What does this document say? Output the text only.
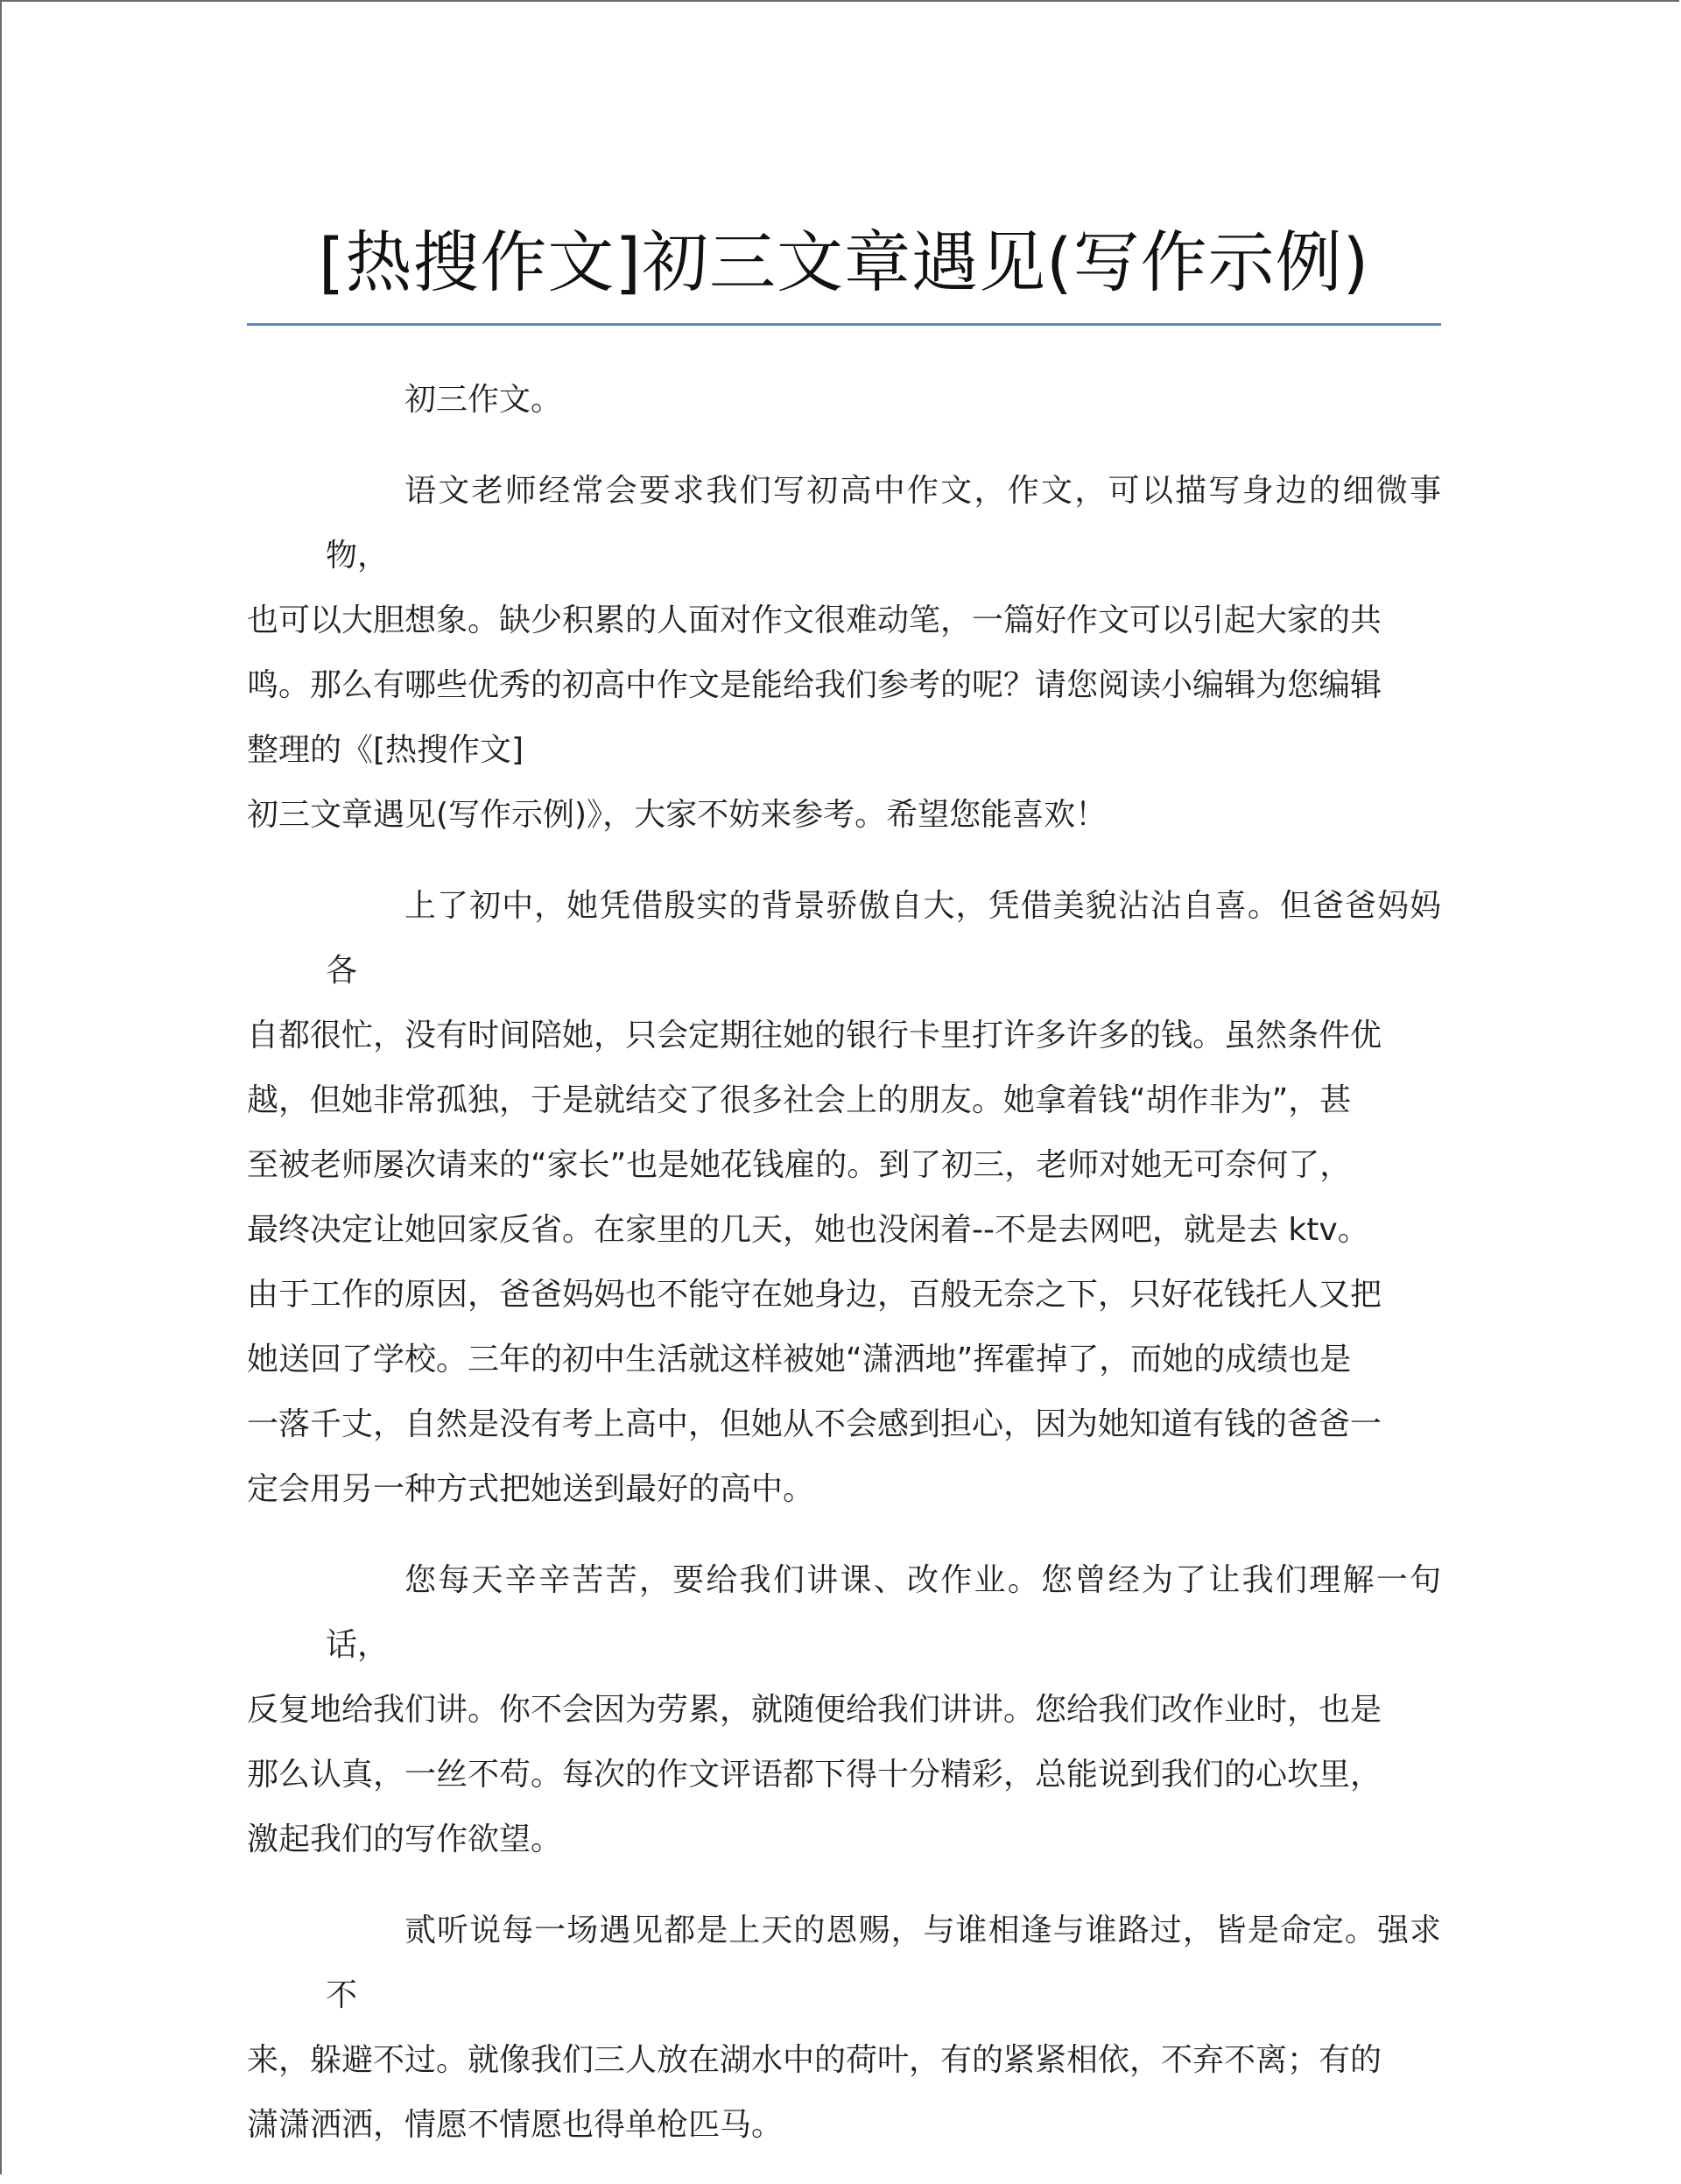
[热搜作文]初三文章遇见(写作示例)

初三作文。

语文老师经常会要求我们写初高中作文，作文，可以描写身边的细微事物，
也可以大胆想象。缺少积累的人面对作文很难动笔，一篇好作文可以引起大家的共
鸣。那么有哪些优秀的初高中作文是能给我们参考的呢？请您阅读小编辑为您编辑
整理的《[热搜作文]
初三文章遇见(写作示例)》，大家不妨来参考。希望您能喜欢！

上了初中，她凭借殷实的背景骄傲自大，凭借美貌沾沾自喜。但爸爸妈妈各
自都很忙，没有时间陪她，只会定期往她的银行卡里打许多许多的钱。虽然条件优
越，但她非常孤独，于是就结交了很多社会上的朋友。她拿着钱“胡作非为”，甚
至被老师屡次请来的“家长”也是她花钱雇的。到了初三，老师对她无可奈何了，
最终决定让她回家反省。在家里的几天，她也没闲着--不是去网吧，就是去 ktv。
由于工作的原因，爸爸妈妈也不能守在她身边，百般无奈之下，只好花钱托人又把
她送回了学校。三年的初中生活就这样被她“潇洒地”挥霍掉了，而她的成绩也是
一落千丈，自然是没有考上高中，但她从不会感到担心，因为她知道有钱的爸爸一
定会用另一种方式把她送到最好的高中。

您每天辛辛苦苦，要给我们讲课、改作业。您曾经为了让我们理解一句话，
反复地给我们讲。你不会因为劳累，就随便给我们讲讲。您给我们改作业时，也是
那么认真，一丝不苟。每次的作文评语都下得十分精彩，总能说到我们的心坎里，
激起我们的写作欲望。

贰听说每一场遇见都是上天的恩赐，与谁相逢与谁路过，皆是命定。强求不
来，躲避不过。就像我们三人放在湖水中的荷叶，有的紧紧相依，不弃不离；有的
潇潇洒洒，情愿不情愿也得单枪匹马。
